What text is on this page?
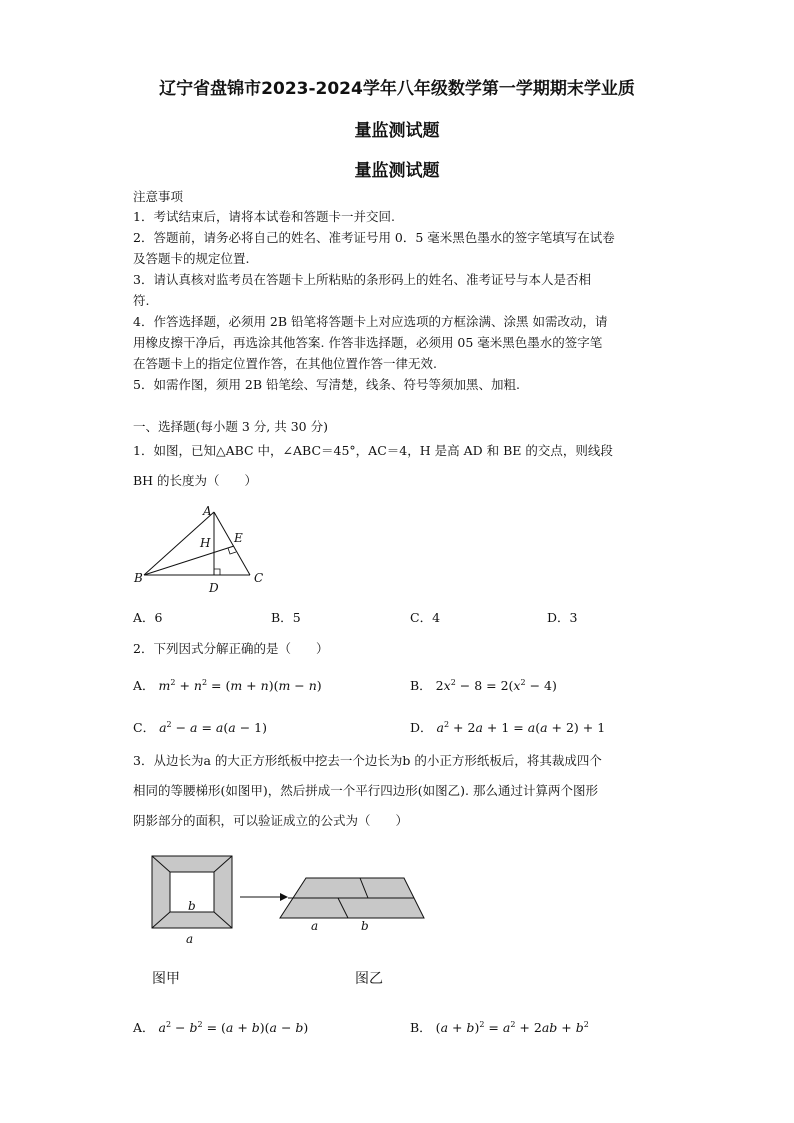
辽宁省盘锦市2023-2024学年八年级数学第一学期期末学业质
量监测试题
量监测试题
注意事项
1．考试结束后，请将本试卷和答题卡一并交回.
2．答题前，请务必将自己的姓名、准考证号用 0．5 毫米黑色墨水的签字笔填写在试卷
及答题卡的规定位置.
3．请认真核对监考员在答题卡上所粘贴的条形码上的姓名、准考证号与本人是否相
符.
4．作答选择题，必须用 2B 铅笔将答题卡上对应选项的方框涂满、涂黑 如需改动，请
用橡皮擦干净后，再选涂其他答案. 作答非选择题，必须用 05 毫米黑色墨水的签字笔
在答题卡上的指定位置作答，在其他位置作答一律无效.
5．如需作图，须用 2B 铅笔绘、写清楚，线条、符号等须加黑、加粗.
一、选择题(每小题 3 分, 共 30 分)
1．如图，已知△ABC 中，∠ABC＝45°，AC＝4，H 是高 AD 和 BE 的交点，则线段
BH 的长度为（　　）
A
H E
B	C
D
A．6	B．5	C．4	D．3
2．下列因式分解正确的是（　　）
A． $m^2 + n^2 = (m + n)(m - n)$	B． $2x^2 - 8 = 2(x^2 - 4)$
C． $a^2 - a = a(a - 1)$	D． $a^2 + 2a + 1 = a(a + 2) + 1$
3．从边长为a 的大正方形纸板中挖去一个边长为b 的小正方形纸板后，将其裁成四个
相同的等腰梯形(如图甲)，然后拼成一个平行四边形(如图乙). 那么通过计算两个图形
阴影部分的面积，可以验证成立的公式为（　　）
b
a
a	b
图甲	图乙
A． $a^2 - b^2 = (a + b)(a - b)$	B． $(a + b)^2 = a^2 + 2ab + b^2$
